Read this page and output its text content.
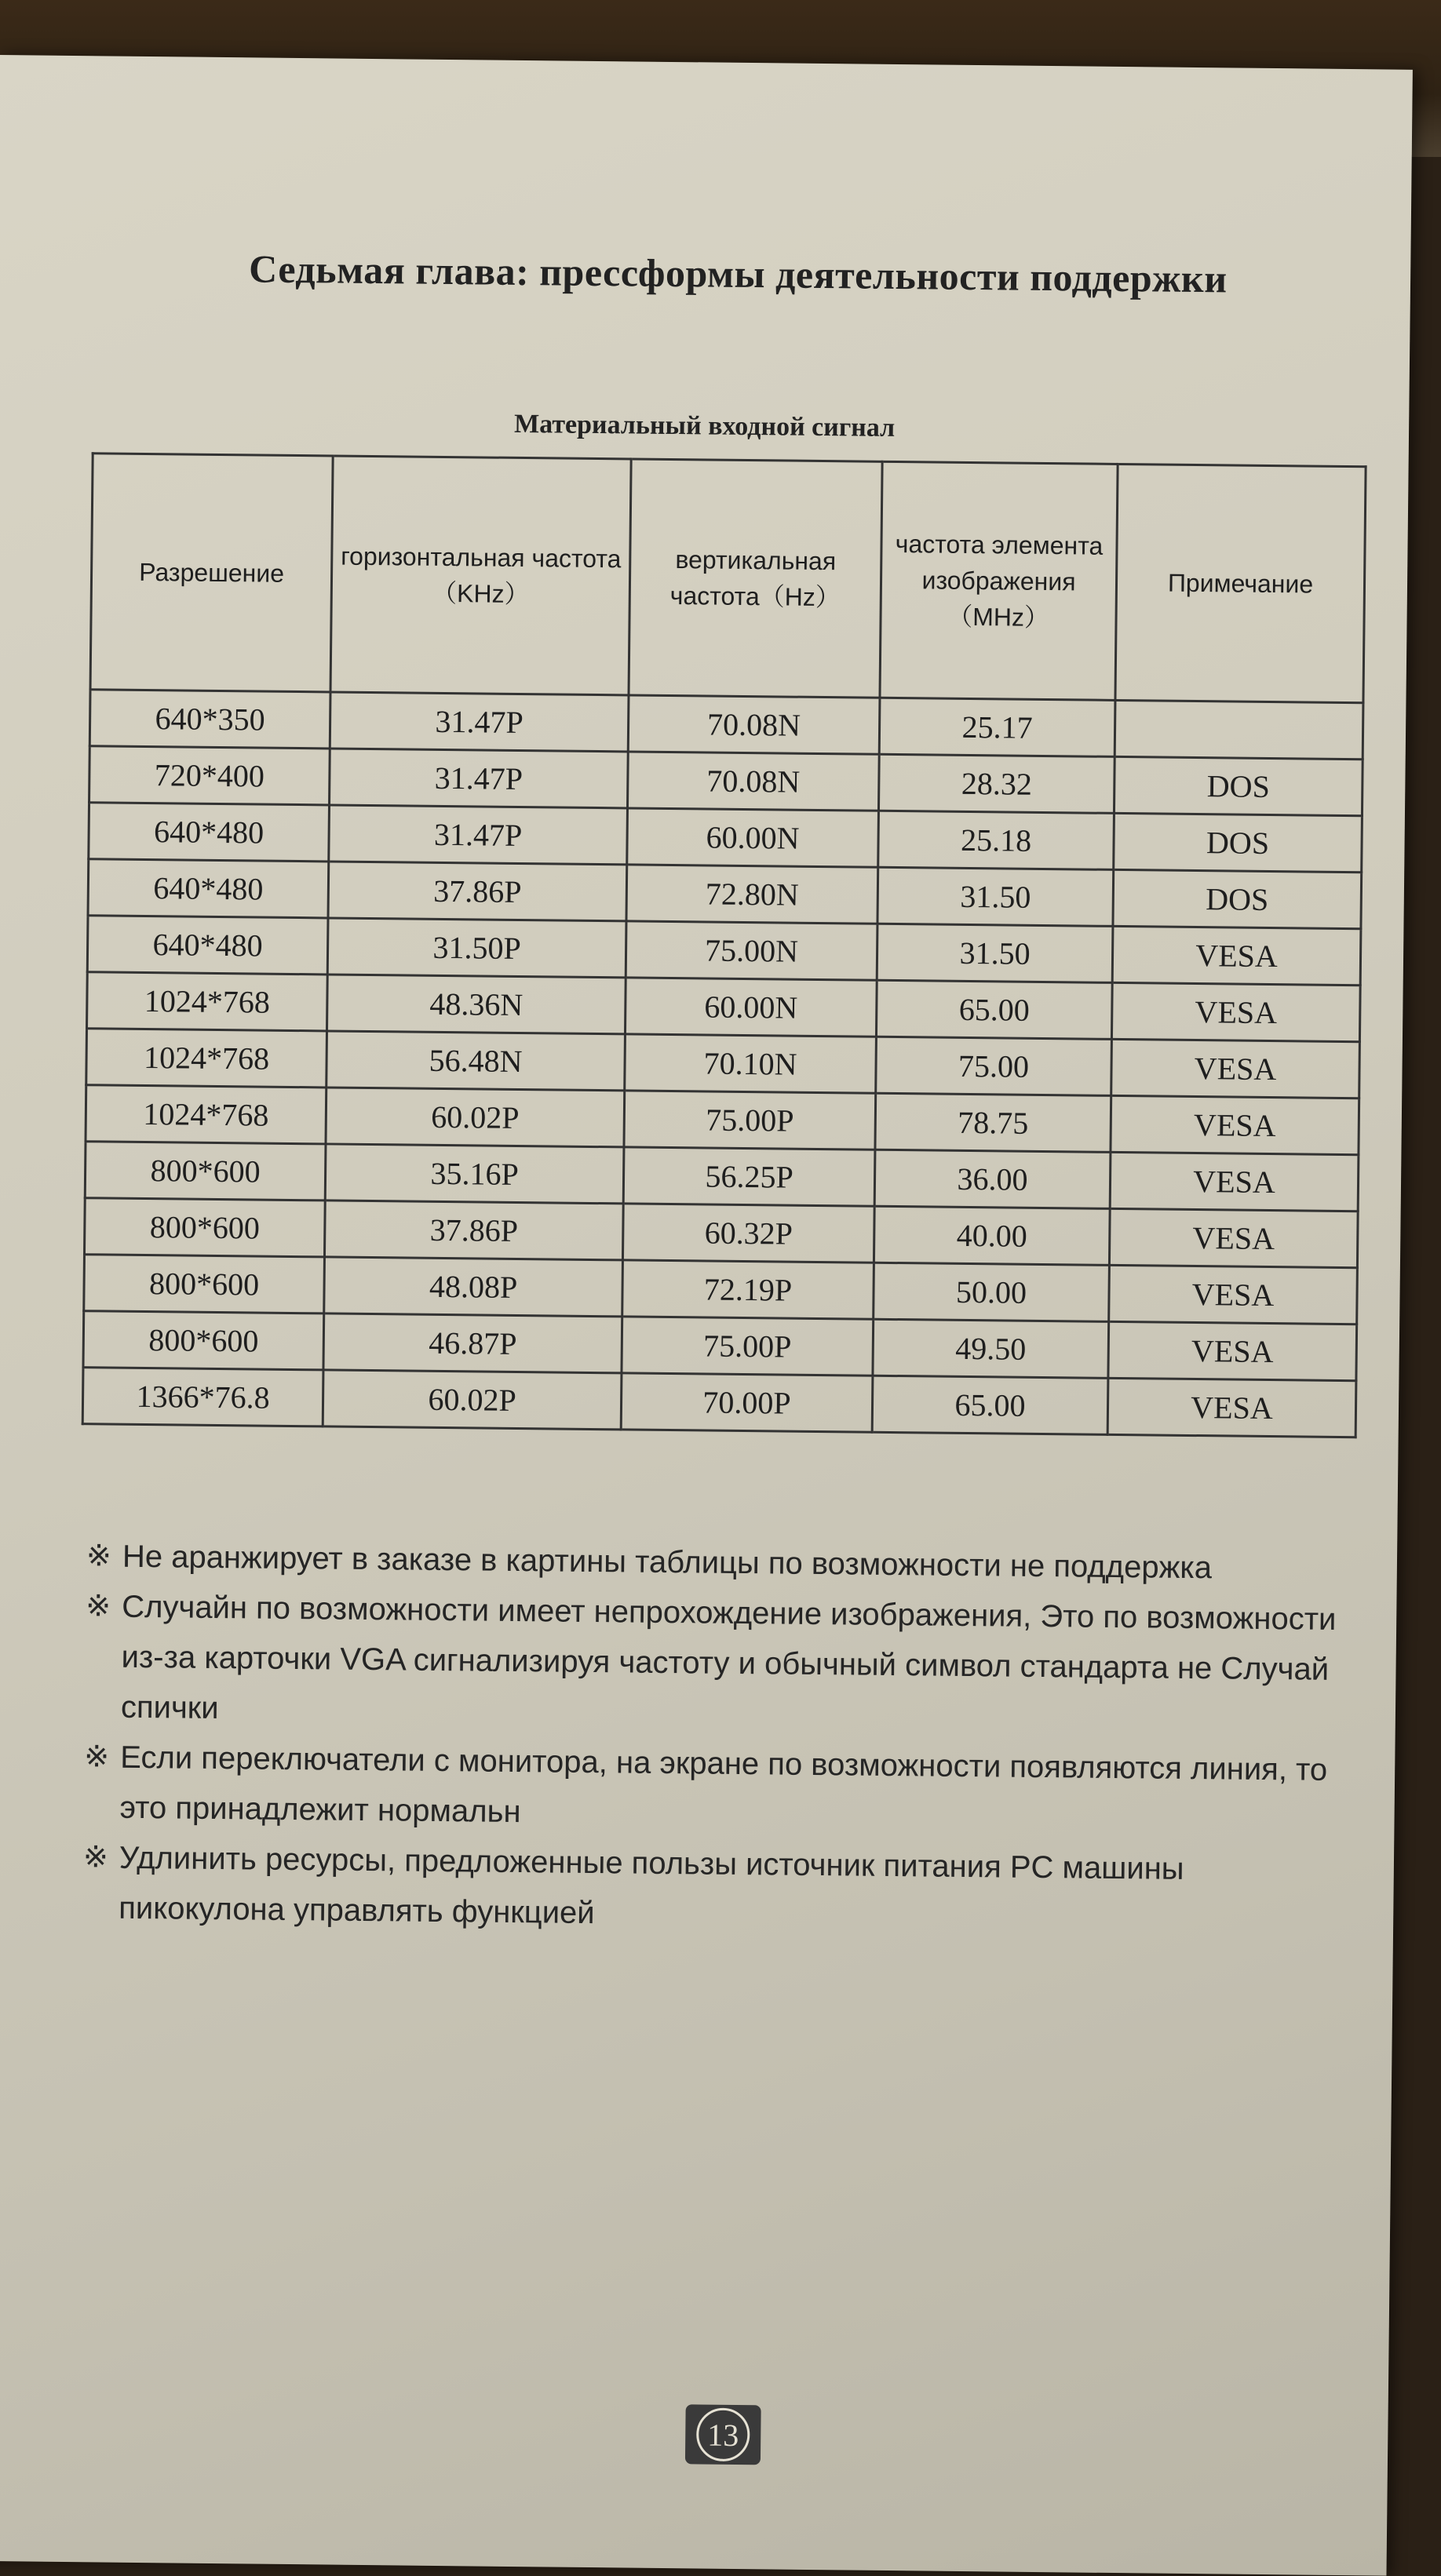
Седьмая глава: прессформы деятельности поддержки
Материальный входной сигнал
Разрешение	горизонтальная частота（KHz）	вертикальная частота（Hz）	частота элемента изображения （MHz）	Примечание
640*350	31.47P	70.08N	25.17	
720*400	31.47P	70.08N	28.32	DOS
640*480	31.47P	60.00N	25.18	DOS
640*480	37.86P	72.80N	31.50	DOS
640*480	31.50P	75.00N	31.50	VESA
1024*768	48.36N	60.00N	65.00	VESA
1024*768	56.48N	70.10N	75.00	VESA
1024*768	60.02P	75.00P	78.75	VESA
800*600	35.16P	56.25P	36.00	VESA
800*600	37.86P	60.32P	40.00	VESA
800*600	48.08P	72.19P	50.00	VESA
800*600	46.87P	75.00P	49.50	VESA
1366*76.8	60.02P	70.00P	65.00	VESA
※ Не аранжирует в заказе в картины таблицы по возможности не поддержка
※ Случайн по возможности имеет непрохождение изображения, Это по возможности из-за карточки VGA сигнализируя частоту и обычный символ стандарта не Случай спички
※ Если переключатели с монитора, на экране по возможности появляются линия, то это принадлежит нормальн
※ Удлинить ресурсы, предложенные пользы источник питания PC машины пикокулона управлять функцией
13
